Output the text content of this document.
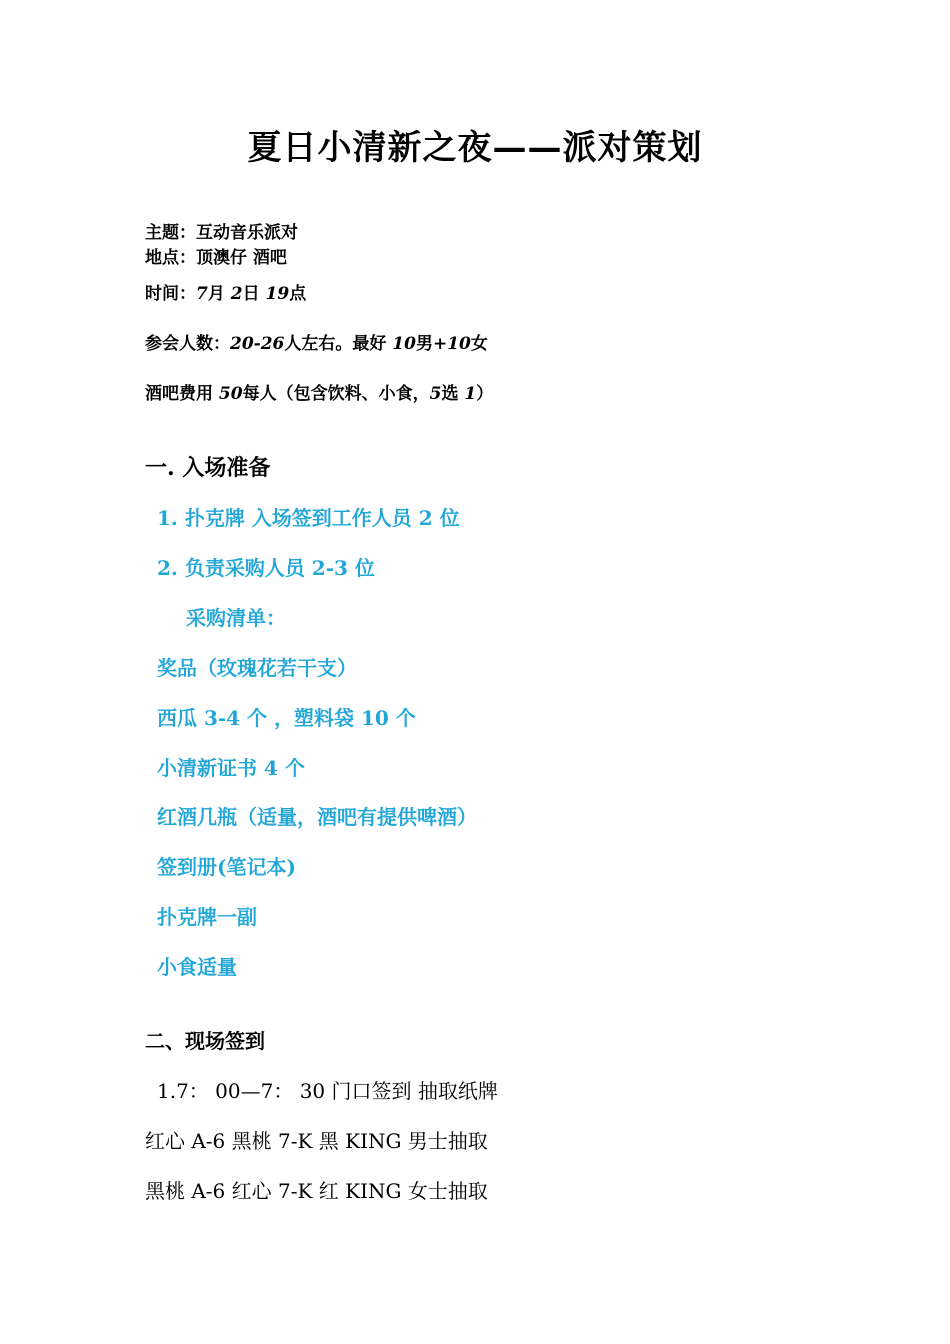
夏日小清新之夜——派对策划
主题：互动音乐派对
地点：顶澳仔 酒吧
时间：7月 2日 19点
参会人数：20-26人左右。最好 10男+10女
酒吧费用 50每人（包含饮料、小食，5选 1）
一. 入场准备
1. 扑克牌 入场签到工作人员 2 位
2. 负责采购人员 2-3 位
采购清单：
奖品（玫瑰花若干支）
西瓜 3-4 个 ，塑料袋 10 个
小清新证书 4 个
红酒几瓶（适量，酒吧有提供啤酒）
签到册(笔记本)
扑克牌一副
小食适量
二、现场签到
1.7： 00—7： 30 门口签到 抽取纸牌
红心 A-6 黑桃 7-K 黑 KING 男士抽取
黑桃 A-6 红心 7-K 红 KING 女士抽取
